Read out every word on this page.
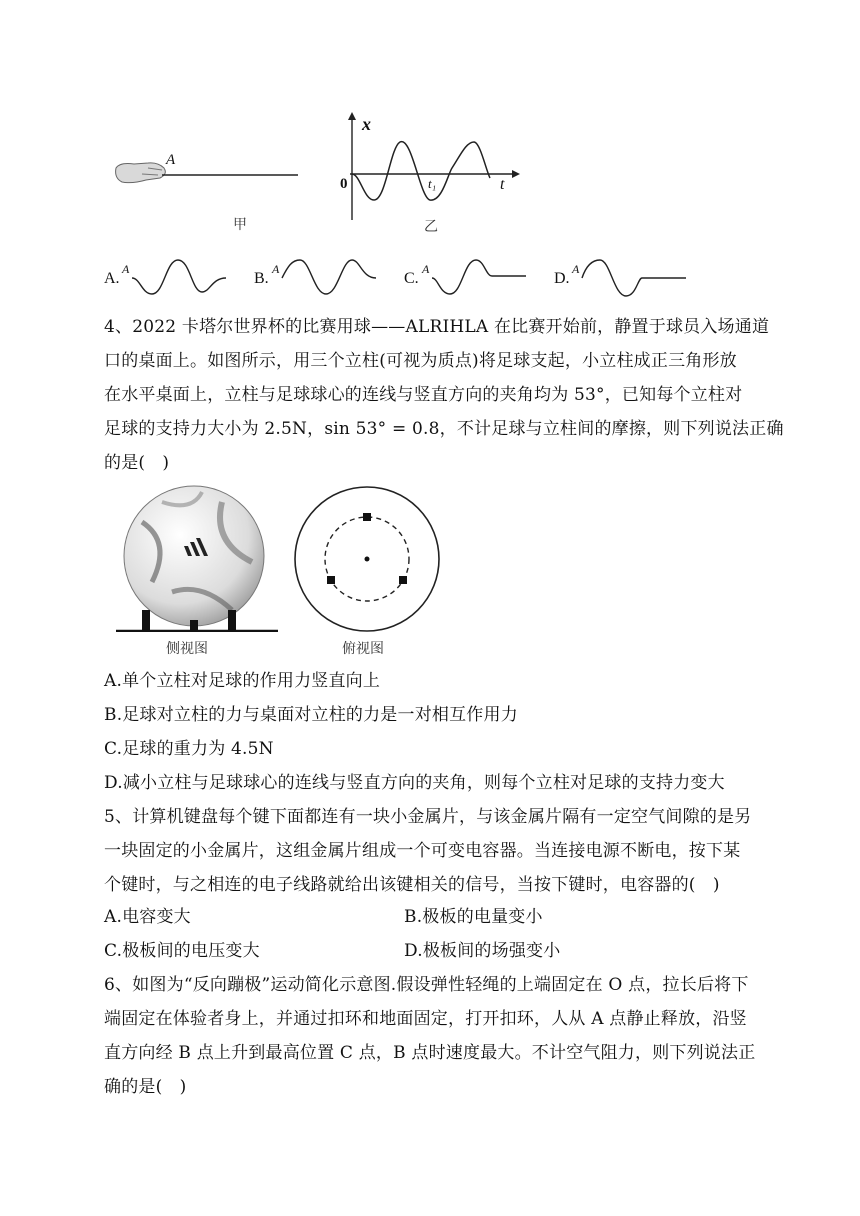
A
甲
x
t
0	t₁
乙
A.
A
B.
A
C.
A
D.
A
4、2022 卡塔尔世界杯的比赛用球——ALRIHLA 在比赛开始前，静置于球员入场通道
口的桌面上。如图所示，用三个立柱(可视为质点)将足球支起，小立柱成正三角形放
在水平桌面上，立柱与足球球心的连线与竖直方向的夹角均为 53°，已知每个立柱对
足球的支持力大小为 2.5N，sin 53° = 0.8，不计足球与立柱间的摩擦，则下列说法正确
的是(　)
侧视图	俯视图
A.单个立柱对足球的作用力竖直向上
B.足球对立柱的力与桌面对立柱的力是一对相互作用力
C.足球的重力为 4.5N
D.减小立柱与足球球心的连线与竖直方向的夹角，则每个立柱对足球的支持力变大
5、计算机键盘每个键下面都连有一块小金属片，与该金属片隔有一定空气间隙的是另
一块固定的小金属片，这组金属片组成一个可变电容器。当连接电源不断电，按下某
个键时，与之相连的电子线路就给出该键相关的信号，当按下键时，电容器的(　)
A.电容变大	B.极板的电量变小
C.极板间的电压变大	D.极板间的场强变小
6、如图为“反向蹦极”运动简化示意图.假设弹性轻绳的上端固定在 O 点，拉长后将下
端固定在体验者身上，并通过扣环和地面固定，打开扣环，人从 A 点静止释放，沿竖
直方向经 B 点上升到最高位置 C 点，B 点时速度最大。不计空气阻力，则下列说法正
确的是(　)
